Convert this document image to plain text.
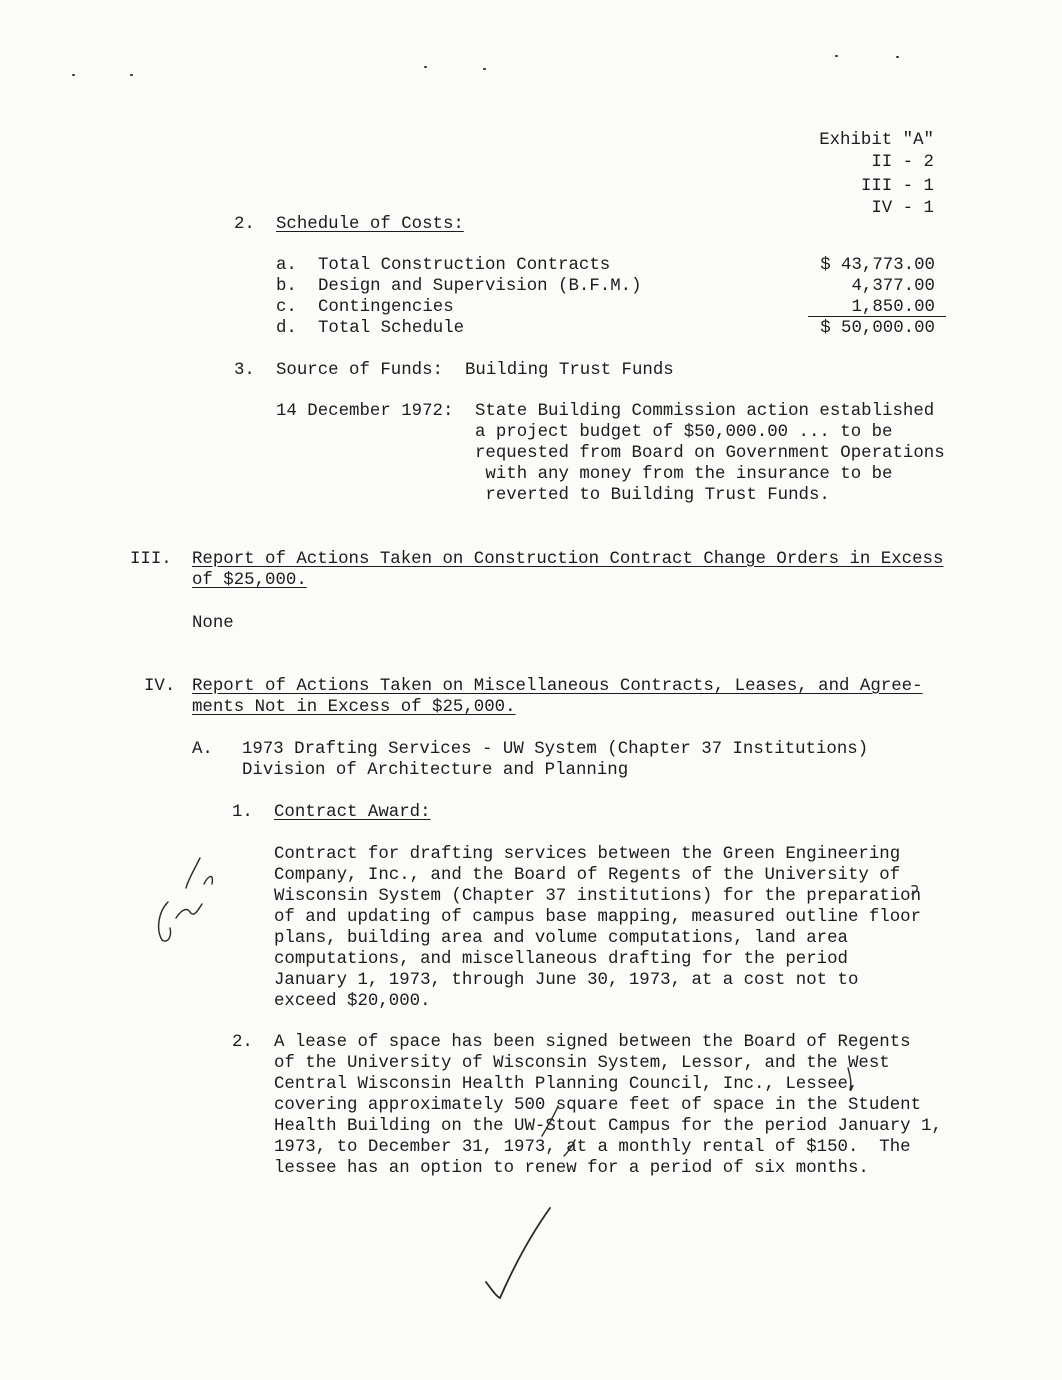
Exhibit "A"
II - 2
III - 1
IV - 1
2. Schedule of Costs:
a. Total Construction Contracts	$ 43,773.00
b. Design and Supervision (B.F.M.)	4,377.00
c. Contingencies	1,850.00
d. Total Schedule	$ 50,000.00
3. Source of Funds: Building Trust Funds
14 December 1972: State Building Commission action established
a project budget of $50,000.00 ... to be
requested from Board on Government Operations
with any money from the insurance to be
reverted to Building Trust Funds.
III. Report of Actions Taken on Construction Contract Change Orders in Excess
of $25,000.
None
IV. Report of Actions Taken on Miscellaneous Contracts, Leases, and Agree-
ments Not in Excess of $25,000.
A. 1973 Drafting Services - UW System (Chapter 37 Institutions)
Division of Architecture and Planning
1. Contract Award:
Contract for drafting services between the Green Engineering
Company, Inc., and the Board of Regents of the University of
Wisconsin System (Chapter 37 institutions) for the preparation
of and updating of campus base mapping, measured outline floor
plans, building area and volume computations, land area
computations, and miscellaneous drafting for the period
January 1, 1973, through June 30, 1973, at a cost not to
exceed $20,000.
2. A lease of space has been signed between the Board of Regents
of the University of Wisconsin System, Lessor, and the West
Central Wisconsin Health Planning Council, Inc., Lessee,
covering approximately 500 square feet of space in the Student
Health Building on the UW-Stout Campus for the period January 1,
1973, to December 31, 1973, at a monthly rental of $150.  The
lessee has an option to renew for a period of six months.
